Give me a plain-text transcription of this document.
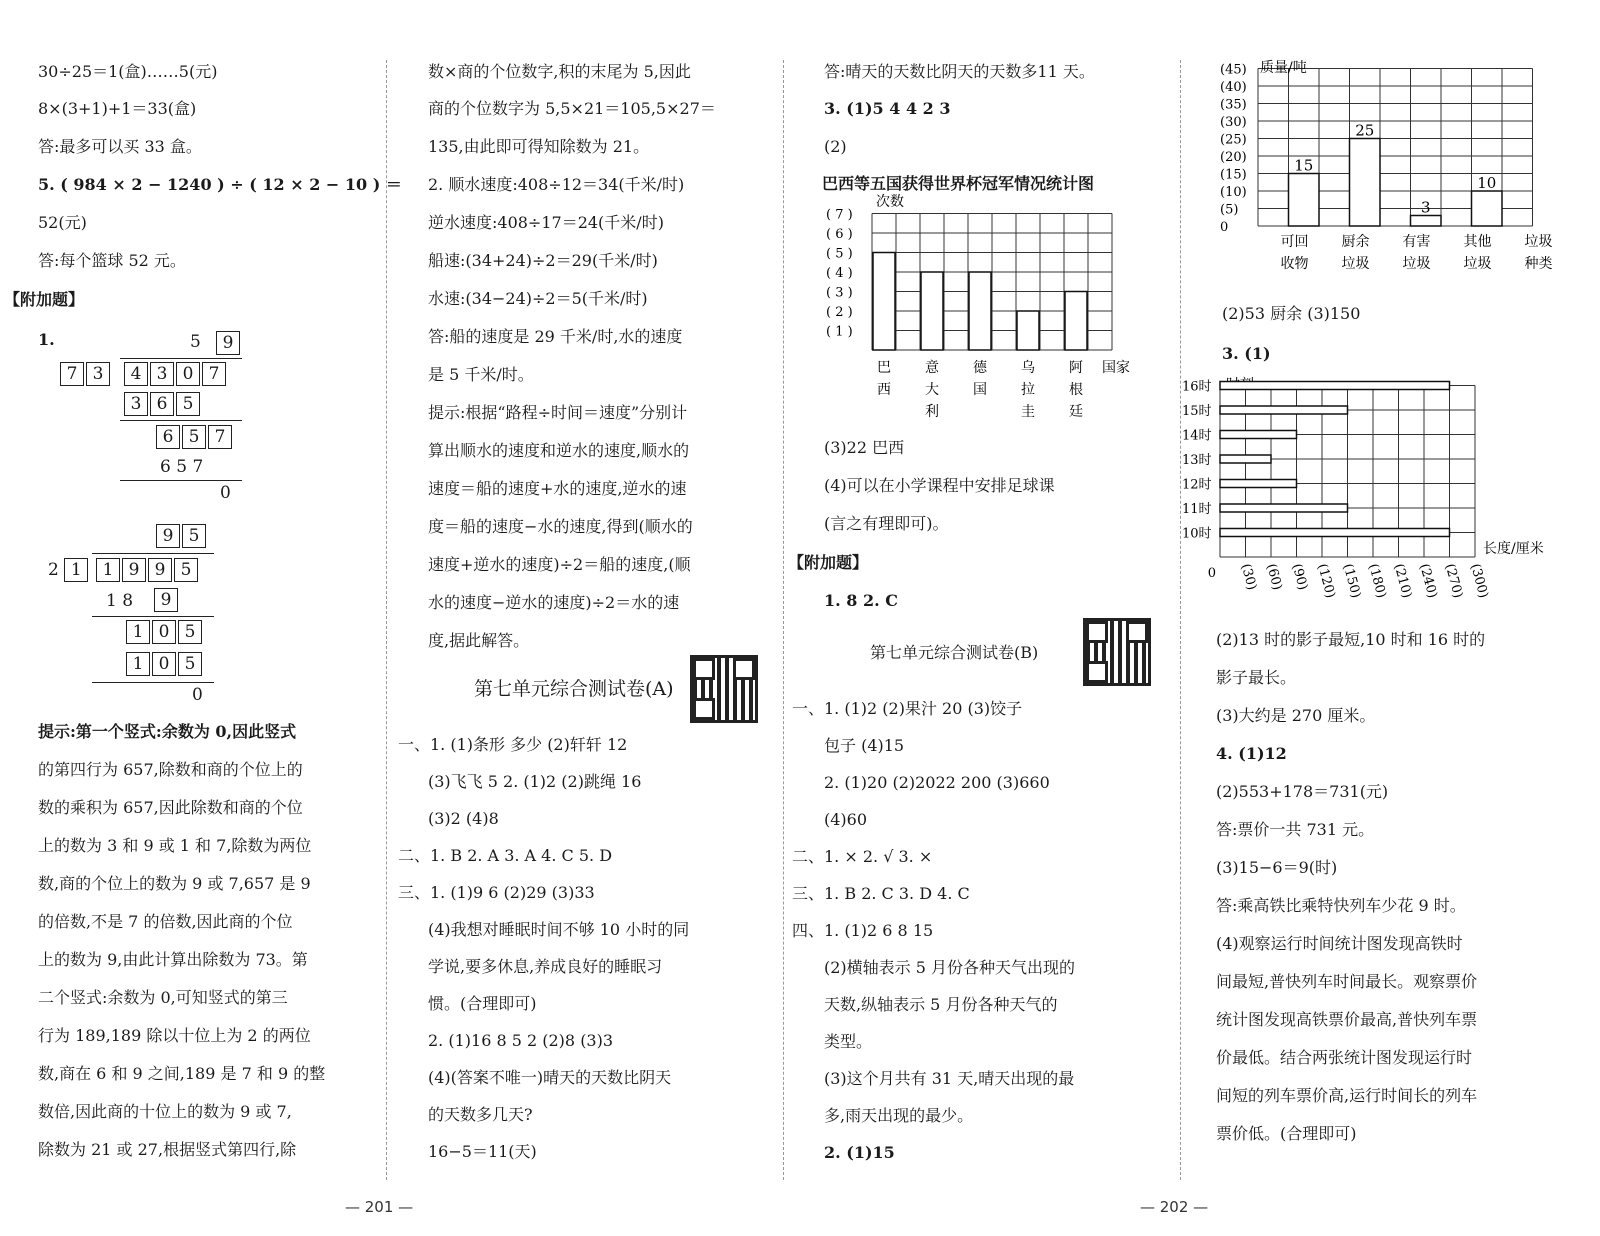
30÷25＝1(盒)……5(元)
8×(3+1)+1＝33(盒)
答:最多可以买 33 盒。
5. ( 984 × 2 − 1240 ) ÷ ( 12 × 2 − 10 ) ＝
52(元)
答:每个篮球 52 元。
【附加题】
1.	5	9
7 3	4 3 0 7
3 6 5
6 5 7
6 5 7
0
9 5
2 1	1 9 9 5
1 8	9
1 0 5
1 0 5
0
提示:第一个竖式:余数为 0,因此竖式
的第四行为 657,除数和商的个位上的
数的乘积为 657,因此除数和商的个位
上的数为 3 和 9 或 1 和 7,除数为两位
数,商的个位上的数为 9 或 7,657 是 9
的倍数,不是 7 的倍数,因此商的个位
上的数为 9,由此计算出除数为 73。第
二个竖式:余数为 0,可知竖式的第三
行为 189,189 除以十位上为 2 的两位
数,商在 6 和 9 之间,189 是 7 和 9 的整
数倍,因此商的十位上的数为 9 或 7,
除数为 21 或 27,根据竖式第四行,除
— 201 —
数×商的个位数字,积的末尾为 5,因此
商的个位数字为 5,5×21＝105,5×27＝
135,由此即可得知除数为 21。
2. 顺水速度:408÷12＝34(千米/时)
逆水速度:408÷17＝24(千米/时)
船速:(34+24)÷2＝29(千米/时)
水速:(34−24)÷2＝5(千米/时)
答:船的速度是 29 千米/时,水的速度
是 5 千米/时。
提示:根据“路程÷时间＝速度”分别计
算出顺水的速度和逆水的速度,顺水的
速度＝船的速度+水的速度,逆水的速
度＝船的速度−水的速度,得到(顺水的
速度+逆水的速度)÷2＝船的速度,(顺
水的速度−逆水的速度)÷2＝水的速
度,据此解答。
第七单元综合测试卷(A)
一、1. (1)条形 多少 (2)轩轩 12
(3)飞飞 5 2. (1)2 (2)跳绳 16
(3)2 (4)8
二、1. B 2. A 3. A 4. C 5. D
三、1. (1)9 6 (2)29 (3)33
(4)我想对睡眠时间不够 10 小时的同
学说,要多休息,养成良好的睡眠习
惯。(合理即可)
2. (1)16 8 5 2 (2)8 (3)3
(4)(答案不唯一)晴天的天数比阴天
的天数多几天?
16−5＝11(天)
答:晴天的天数比阴天的天数多11 天。
3. (1)5 4 4 2 3
(2)
巴西等五国获得世界杯冠军情况统计图
次数
( 7 )
( 6 )
( 5 )
( 4 )
( 3 )
( 2 )
( 1 )
巴
西
意
大
利
德
国
乌
拉
圭
阿
根
廷
国家
(3)22 巴西
(4)可以在小学课程中安排足球课
(言之有理即可)。
【附加题】
1. 8 2. C
第七单元综合测试卷(B)
一、1. (1)2 (2)果汁 20 (3)饺子
包子 (4)15
2. (1)20 (2)2022 200 (3)660
(4)60
二、1. × 2. √ 3. ×
三、1. B 2. C 3. D 4. C
四、1. (1)2 6 8 15
(2)横轴表示 5 月份各种天气出现的
天数,纵轴表示 5 月份各种天气的
类型。
(3)这个月共有 31 天,晴天出现的最
多,雨天出现的最少。
2. (1)15
— 202 —
质量/吨
(45)
(40)
(35)
(30)
(25)
(20)
(15)
(10)
(5)
0
15
25
3
10
可回
收物
厨余
垃圾
有害
垃圾
其他
垃圾
垃圾
种类
(2)53 厨余 (3)150
3. (1)
0
16时
15时
14时
13时
12时
11时
10时
(30) (60) (90) (120) (150) (180) (210) (240) (270) (300)
长度/厘米
(2)13 时的影子最短,10 时和 16 时的
影子最长。
(3)大约是 270 厘米。
4. (1)12
(2)553+178＝731(元)
答:票价一共 731 元。
(3)15−6＝9(时)
答:乘高铁比乘特快列车少花 9 时。
(4)观察运行时间统计图发现高铁时
间最短,普快列车时间最长。观察票价
统计图发现高铁票价最高,普快列车票
价最低。结合两张统计图发现运行时
间短的列车票价高,运行时间长的列车
票价低。(合理即可)
